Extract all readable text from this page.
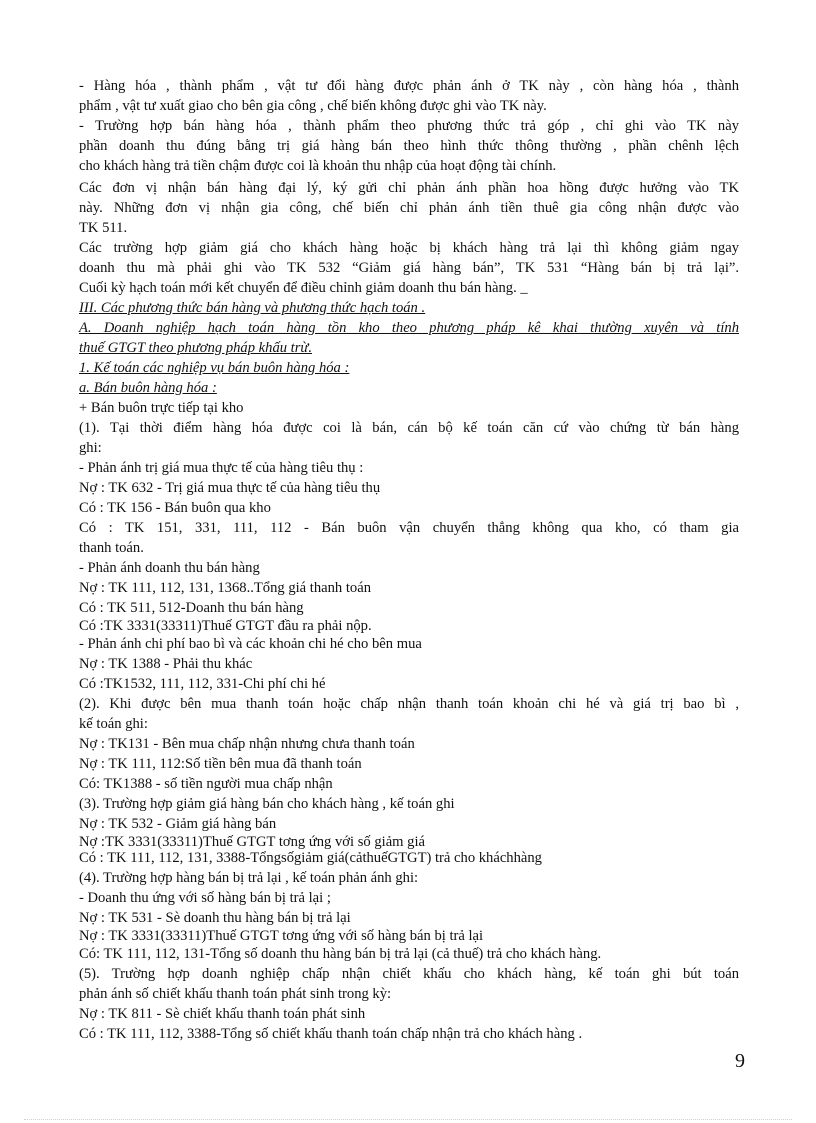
- Hàng hóa , thành phẩm , vật tư đổi hàng được phản ánh ở TK này , còn hàng hóa , thành
phẩm , vật tư xuất giao cho bên gia công , chế biến không được ghi vào TK này.
- Trường hợp bán hàng hóa , thành phẩm theo phương thức trả góp , chỉ ghi vào TK này
phần doanh thu đúng bằng trị giá hàng bán theo hình thức thông thường , phần chênh lệch
cho khách hàng trả tiền chậm được coi là khoản thu nhập của hoạt động tài chính.
Các đơn vị nhận bán hàng đại lý, ký gửi chỉ phản ánh phần hoa hồng được hưởng vào TK
này. Những đơn vị nhận gia công, chế biến chỉ phản ánh tiền thuê gia công nhận được vào
TK 511.
Các trường hợp giảm giá cho khách hàng hoặc bị khách hàng trả lại thì không giảm ngay
doanh thu mà phải ghi vào TK 532 “Giảm giá hàng bán”, TK 531 “Hàng bán bị trả lại”.
Cuối kỳ hạch toán mới kết chuyển để điều chỉnh giảm doanh thu bán hàng. _
III. Các phương thức bán hàng và phương thức hạch toán .
A. Doanh nghiệp hạch toán hàng tồn kho theo phương pháp kê khai thường xuyên và tính
thuế GTGT theo phương pháp khấu trừ.
1. Kế toán các nghiệp vụ bán buôn hàng hóa :
a. Bán buôn hàng hóa :
+ Bán buôn trực tiếp tại kho
(1). Tại thời điểm hàng hóa được coi là bán, cán bộ kế toán căn cứ vào chứng từ bán hàng
ghi:
- Phản ánh trị giá mua thực tế của hàng tiêu thụ :
Nợ : TK 632 - Trị giá mua thực tế của hàng tiêu thụ
Có : TK 156 - Bán buôn qua kho
Có : TK 151, 331, 111, 112 - Bán buôn vận chuyển thẳng không qua kho, có tham gia
thanh toán.
- Phản ánh doanh thu bán hàng
Nợ : TK 111, 112, 131, 1368..Tổng giá thanh toán
Có : TK 511, 512-Doanh thu bán hàng
Có :TK 3331(33311)Thuế GTGT đầu ra phải nộp.
- Phản ánh chi phí bao bì và các khoản chi hé cho bên mua
Nợ : TK 1388 - Phải thu khác
Có :TK1532, 111, 112, 331-Chi phí chi hé
(2). Khi được bên mua thanh toán hoặc chấp nhận thanh toán khoản chi hé và giá trị bao bì ,
kế toán ghi:
Nợ : TK131 - Bên mua chấp nhận nhưng chưa thanh toán
Nợ : TK 111, 112:Số tiền bên mua đã thanh toán
Có: TK1388 - số tiền người mua chấp nhận
(3). Trường hợp giảm giá hàng bán cho khách hàng , kế toán ghi
Nợ : TK 532 - Giảm giá hàng bán
Nợ :TK 3331(33311)Thuế GTGT tơng ứng với số giảm giá
Có : TK 111, 112, 131, 3388-Tổngsốgiảm giá(cảthuếGTGT) trả cho kháchhàng
(4). Trường hợp hàng bán bị trả lại , kế toán phản ánh ghi:
- Doanh thu ứng với số hàng bán bị trả lại ;
Nợ : TK 531 - Sè doanh thu hàng bán bị trả lại
Nợ : TK 3331(33311)Thuế GTGT tơng ứng với số hàng bán bị trả lại
Có: TK 111, 112, 131-Tổng số doanh thu hàng bán bị trả lại (cả thuế) trả cho khách hàng.
(5). Trường hợp doanh nghiệp chấp nhận chiết khấu cho khách hàng, kế toán ghi bút toán
phản ánh số chiết khấu thanh toán phát sinh trong kỳ:
Nợ : TK 811 - Sè chiết khấu thanh toán phát sinh
Có : TK 111, 112, 3388-Tổng số chiết khấu thanh toán chấp nhận trả cho khách hàng .
9
